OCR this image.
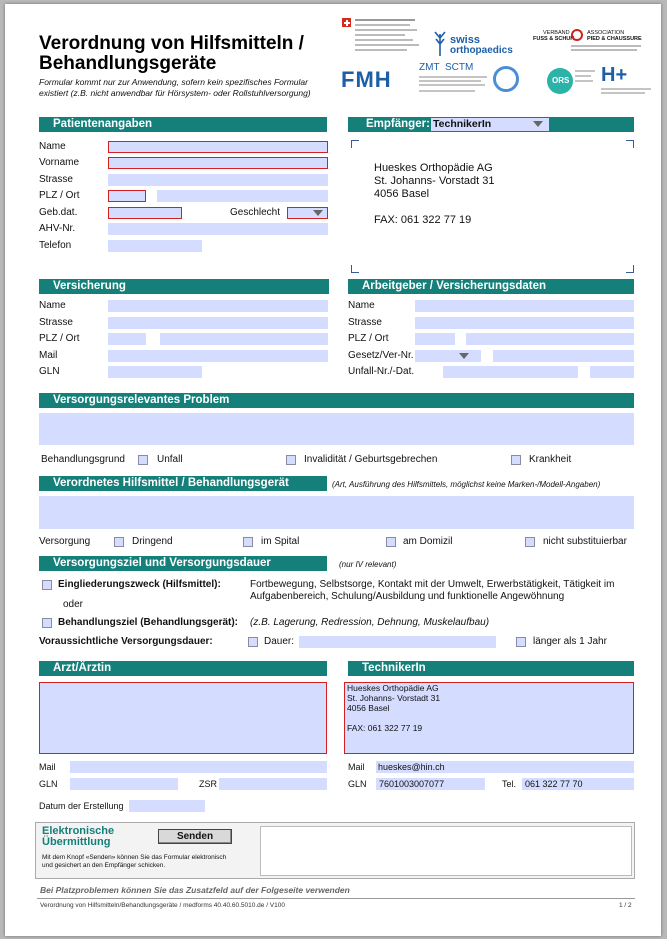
Verordnung von Hilfsmitteln /
Behandlungsgeräte
Formular kommt nur zur Anwendung, sofern kein spezifisches Formular
existiert (z.B. nicht anwendbar für Hörsystem- oder Rollstuhlversorgung)
swiss
orthopaedics
VERBAND
FUSS & SCHUH
ASSOCIATION
PIED & CHAUSSURE
FMH	ZMT SCTM
ORS H+
Patientenangaben
Name
Vorname
Strasse
PLZ / Ort
Geb.dat.	Geschlecht
AHV-Nr.
Telefon
Empfänger: TechnikerIn
Hueskes Orthopädie AG
St. Johanns- Vorstadt 31
4056 Basel
FAX: 061 322 77 19
Versicherung
Name
Strasse
PLZ / Ort
Mail
GLN
Arbeitgeber / Versicherungsdaten
Name
Strasse
PLZ / Ort
Gesetz/Ver-Nr.
Unfall-Nr./-Dat.
Versorgungsrelevantes Problem
Behandlungsgrund	Unfall	Invalidität / Geburtsgebrechen	Krankheit
Verordnetes Hilfsmittel / Behandlungsgerät	(Art, Ausführung des Hilfsmittels, möglichst keine Marken-/Modell-Angaben)
Versorgung	Dringend	im Spital	am Domizil	nicht substituierbar
Versorgungsziel und Versorgungsdauer	(nur IV relevant)
Eingliederungszweck (Hilfsmittel):	Fortbewegung, Selbstsorge, Kontakt mit der Umwelt, Erwerbstätigkeit, Tätigkeit im
Aufgabenbereich, Schulung/Ausbildung und funktionelle Angewöhnung
oder
Behandlungsziel (Behandlungsgerät): (z.B. Lagerung, Redression, Dehnung, Muskelaufbau)
Voraussichtliche Versorgungsdauer:	Dauer:	länger als 1 Jahr
Arzt/Ärztin
Mail
GLN	ZSR
Datum der Erstellung
TechnikerIn
Hueskes Orthopädie AG
St. Johanns- Vorstadt 31
4056 Basel
FAX: 061 322 77 19
Mail hueskes@hin.ch
GLN 7601003007077	Tel. 061 322 77 70
Elektronische
Übermittlung	Senden
Mit dem Knopf «Senden» können Sie das Formular elektronisch
und gesichert an den Empfänger schicken.
Bei Platzproblemen können Sie das Zusatzfeld auf der Folgeseite verwenden
Verordnung von Hilfsmitteln/Behandlungsgeräte / medforms 40.40.60.5010.de / V100	1 / 2
